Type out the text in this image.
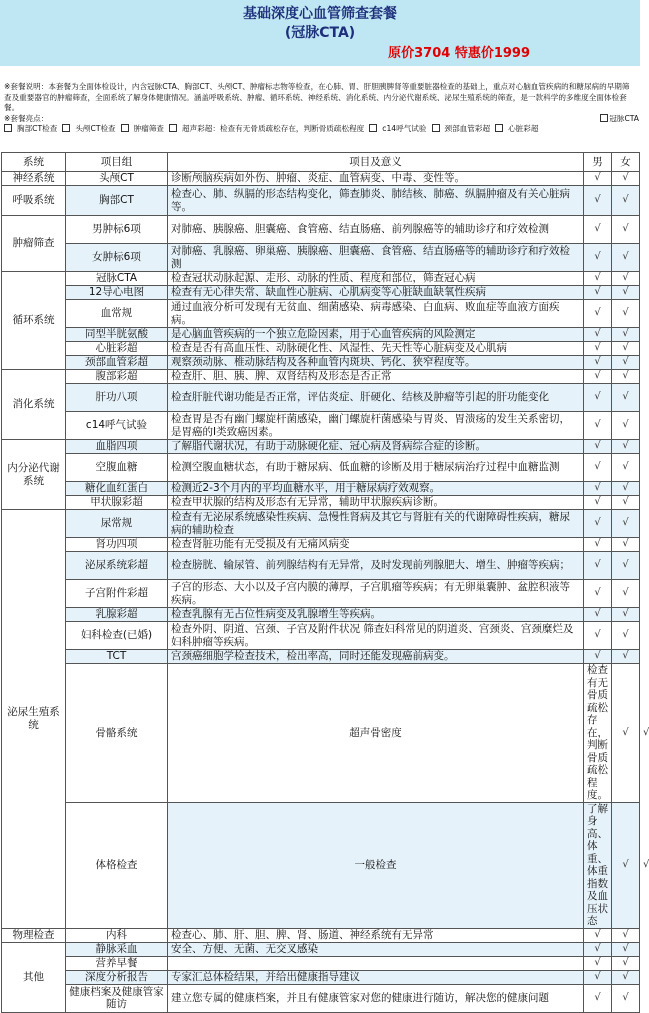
基础深度心血管筛查套餐
(冠脉CTA)
原价3704 特惠价1999
※套餐说明：本套餐为全面体检设计，内含冠脉CTA、胸部CT、头颅CT、肿瘤标志物等检查，在心肺、胃、肝胆胰脾肾等重要脏器检查的基础上，重点对心脑血管疾病的和糖尿病的早期筛查及重要器官的肿瘤筛查，全面系统了解身体健康情况。涵盖呼吸系统、肿瘤、循环系统、神经系统、消化系统、内分泌代谢系统、泌尿生殖系统的筛查，是一款科学的多维度全面体检套餐。
※套餐亮点：	冠脉CTA
胸部CT检查 头颅CT检查 肿瘤筛查 超声彩超：检查有无骨质疏松存在，判断骨质疏松程度 c14呼气试验 颈部血管彩超 心脏彩超
系统	项目组	项目及意义	男	女	
神经系统	头颅CT	诊断颅脑疾病如外伤、肿瘤、炎症、血管病变、中毒、变性等。	√	√	
呼吸系统	胸部CT	检查心、肺、纵膈的形态结构变化，筛查肺炎、肺结核、肺癌、纵膈肿瘤及有关心脏病等。	√	√	
肿瘤筛查	男肿标6项	对肺癌、胰腺癌、胆囊癌、食管癌、结直肠癌、前列腺癌等的辅助诊疗和疗效检测	√	√	
	女肿标6项	对肺癌、乳腺癌、卵巢癌、胰腺癌、胆囊癌、食管癌、结直肠癌等的辅助诊疗和疗效检测	√	√	
循环系统	冠脉CTA	检查冠状动脉起源、走形、动脉的性质、程度和部位，筛查冠心病	√	√	
	12导心电图	检查有无心律失常、缺血性心脏病、心肌病变等心脏缺血缺氧性疾病	√	√	
	血常规	通过血液分析可发现有无贫血、细菌感染、病毒感染、白血病、败血症等血液方面疾病。	√	√	
	同型半胱氨酸	是心脑血管疾病的一个独立危险因素，用于心血管疾病的风险测定	√	√	
	心脏彩超	检查是否有高血压性、动脉硬化性、风湿性、先天性等心脏病变及心肌病	√	√	
	颈部血管彩超	观察颈动脉、椎动脉结构及各种血管内斑块、钙化、狭窄程度等。	√	√	
消化系统	腹部彩超	检查肝、胆、胰、脾、双肾结构及形态是否正常	√	√	
	肝功八项	检查肝脏代谢功能是否正常，评估炎症、肝硬化、结核及肿瘤等引起的肝功能变化	√	√	
	c14呼气试验	检查胃是否有幽门螺旋杆菌感染，幽门螺旋杆菌感染与胃炎、胃溃疡的发生关系密切，是胃癌的I类致癌因素。	√	√	
内分泌代谢系统	血脂四项	了解脂代谢状况，有助于动脉硬化症、冠心病及肾病综合症的诊断。	√	√	
	空腹血糖	检测空腹血糖状态，有助于糖尿病、低血糖的诊断及用于糖尿病治疗过程中血糖监测	√	√	
	糖化血红蛋白	检测近2-3个月内的平均血糖水平，用于糖尿病疗效观察。	√	√	
	甲状腺彩超	检查甲状腺的结构及形态有无异常，辅助甲状腺疾病诊断。	√	√	
泌尿生殖系统	尿常规	检查有无泌尿系统感染性疾病、急慢性肾病及其它与肾脏有关的代谢障碍性疾病，糖尿病的辅助检查	√	√	
	肾功四项	检查肾脏功能有无受损及有无痛风病变	√	√	
	泌尿系统彩超	检查膀胱、输尿管、前列腺结构有无异常，及时发现前列腺肥大、增生、肿瘤等疾病；	√	√	
	子宫附件彩超	子宫的形态、大小以及子宫内膜的薄厚，子宫肌瘤等疾病；有无卵巢囊肿、盆腔积液等疾病。	√	√	
	乳腺彩超	检查乳腺有无占位性病变及乳腺增生等疾病。	√	√	
	妇科检查(已婚)	检查外阴、阴道、宫颈、子宫及附件状况 筛查妇科常见的阴道炎、宫颈炎、宫颈糜烂及妇科肿瘤等疾病。	√	√	
	TCT	宫颈癌细胞学检查技术，检出率高，同时还能发现癌前病变。	√	√	
	骨骼系统	超声骨密度	检查有无骨质疏松存在，判断骨质疏松程度。	√	√
	体格检查	一般检查	了解身高、体重、体重指数及血压状态	√	√
物理检查	内科	检查心、肺、肝、胆、脾、肾、肠道、神经系统有无异常	√	√	
其他	静脉采血	安全、方便、无菌、无交叉感染	√	√	
	营养早餐		√	√	
	深度分析报告	专家汇总体检结果，并给出健康指导建议	√	√	
	健康档案及健康管家随访	建立您专属的健康档案，并且有健康管家对您的健康进行随访，解决您的健康问题	√	√	
